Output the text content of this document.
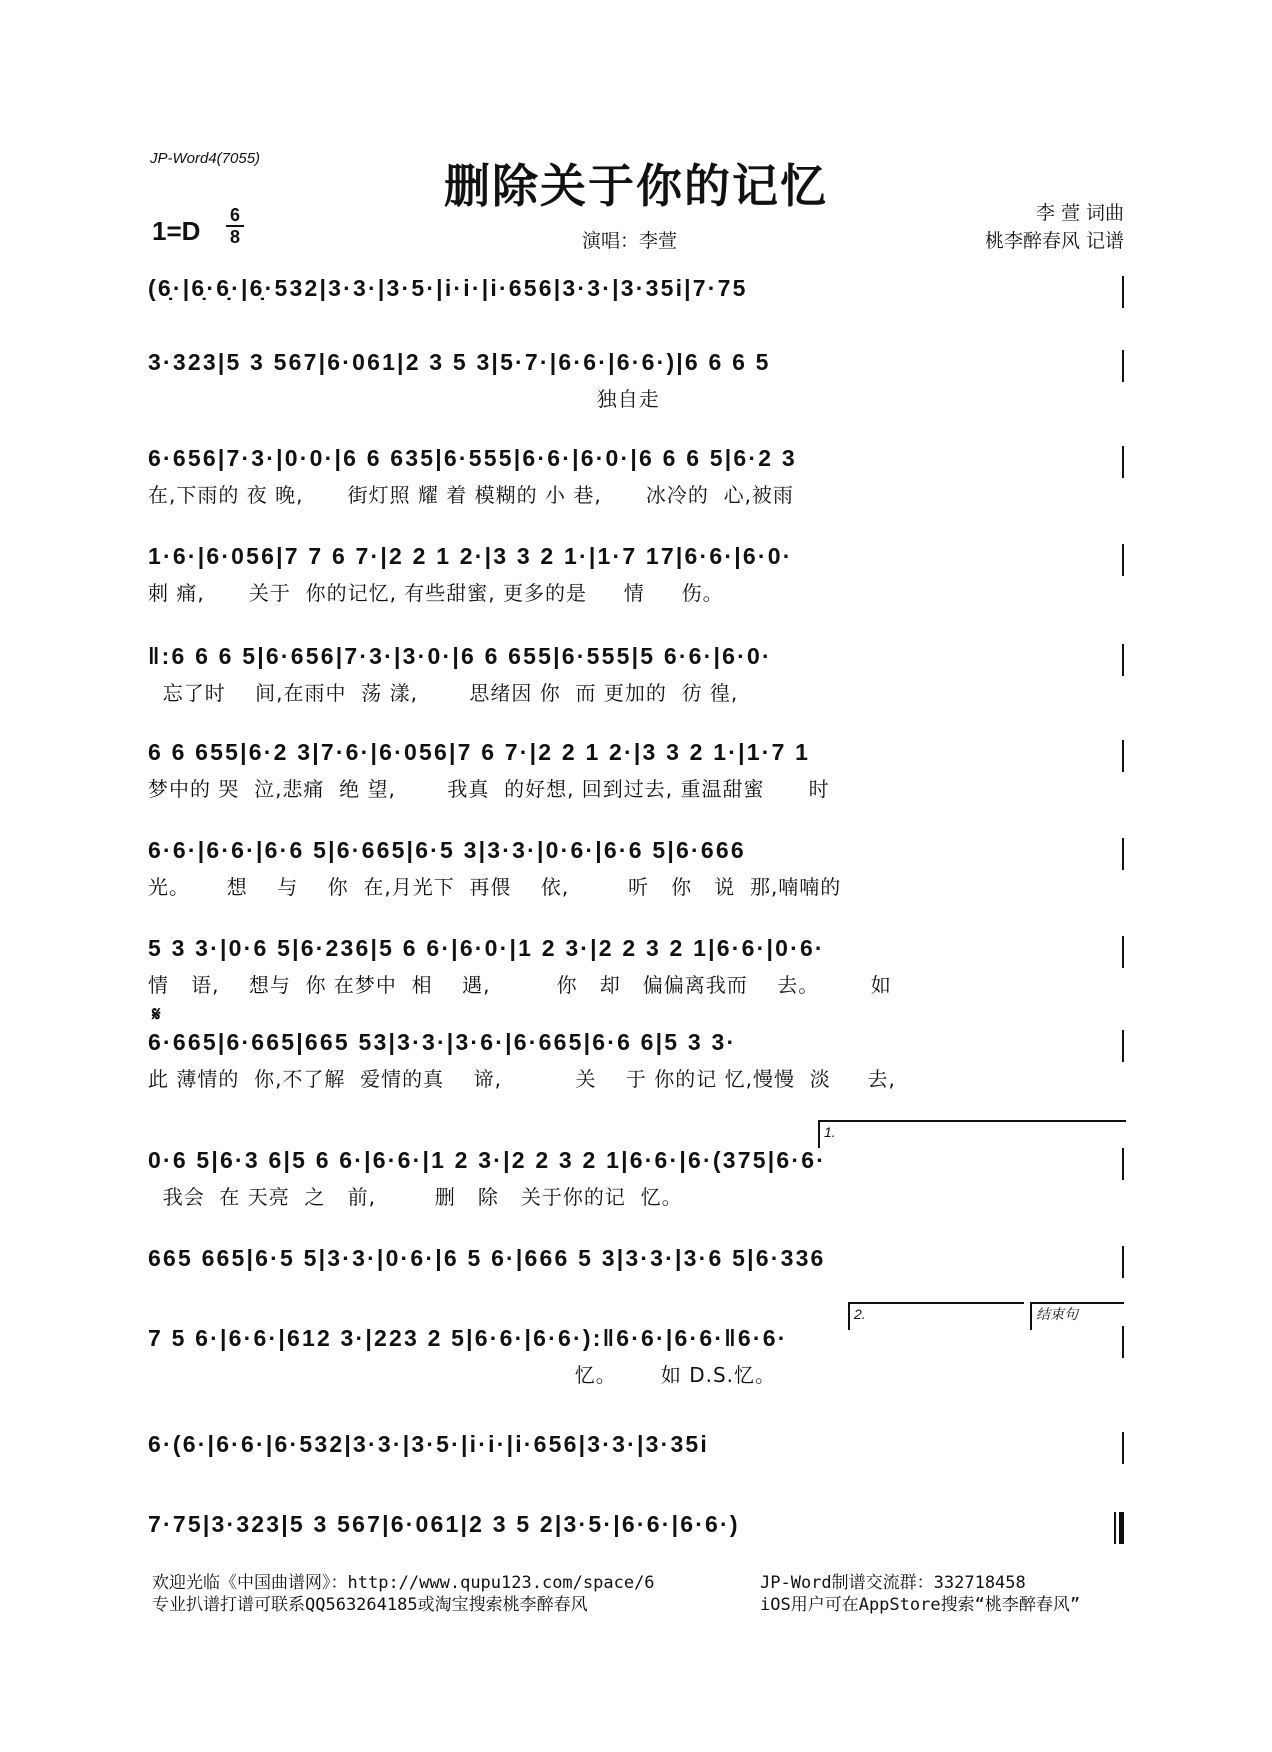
JP-Word4(7055)
删除关于你的记忆
1=D
6
8	演唱：李萱
李 萱 词曲
桃李醉春风 记谱
(6̣·|6̣·6̣·|6̣·532|3·3·|3·5·|i·i·|i·656|3·3·|3·35i|7·75
3·323|5 3 567|6·061|2 3 5 3|5·7·|6·6·|6·6·)|6 6 6 5
独自走
6·656|7·3·|0·0·|6 6 635|6·555|6·6·|6·0·|6 6 6 5|6·2 3
在,下雨的 夜 晚,      街灯照 耀 着 模糊的 小 巷,      冰冷的  心,被雨
1·6·|6·056|7 7 6 7·|2 2 1 2·|3 3 2 1·|1·7 17|6·6·|6·0·
刺 痛,      关于  你的记忆, 有些甜蜜, 更多的是     情     伤。
‖:6 6 6 5|6·656|7·3·|3·0·|6 6 655|6·555|5 6·6·|6·0·
忘了时    间,在雨中  荡 漾,       思绪因 你  而 更加的  彷 徨,
6 6 655|6·2 3|7·6·|6·056|7 6 7·|2 2 1 2·|3 3 2 1·|1·7 1
梦中的 哭  泣,悲痛  绝 望,       我真  的好想, 回到过去, 重温甜蜜      时
6·6·|6·6·|6·6 5|6·665|6·5 3|3·3·|0·6·|6·6 5|6·666
光。     想    与    你  在,月光下  再偎    依,        听   你   说  那,喃喃的
5 3 3·|0·6 5|6·236|5 6 6·|6·0·|1 2 3·|2 2 3 2 1|6·6·|0·6·
情   语,    想与  你 在梦中  相    遇,         你   却   偏偏离我而    去。       如
𝄋
6·665|6·665|665 53|3·3·|3·6·|6·665|6·6 6|5 3 3·
此 薄情的  你,不了解  爱情的真    谛,          关    于 你的记 忆,慢慢  淡     去,
1.
0·6 5|6·3 6|5 6 6·|6·6·|1 2 3·|2 2 3 2 1|6·6·|6·(375|6·6·
我会  在 天亮  之   前,        删   除   关于你的记  忆。
665 665|6·5 5|3·3·|0·6·|6 5 6·|666 5 3|3·3·|3·6 5|6·336
2.	结束句
7 5 6·|6·6·|612 3·|223 2 5|6·6·|6·6·):‖6·6·|6·6·‖6·6·
忆。      如 D.S.忆。
6·(6·|6·6·|6·532|3·3·|3·5·|i·i·|i·656|3·3·|3·35i
7·75|3·323|5 3 567|6·061|2 3 5 2|3·5·|6·6·|6·6·)
欢迎光临《中国曲谱网》：http://www.qupu123.com/space/6
专业扒谱打谱可联系QQ563264185或淘宝搜索桃李醉春风
JP-Word制谱交流群：332718458
iOS用户可在AppStore搜索“桃李醉春风”
